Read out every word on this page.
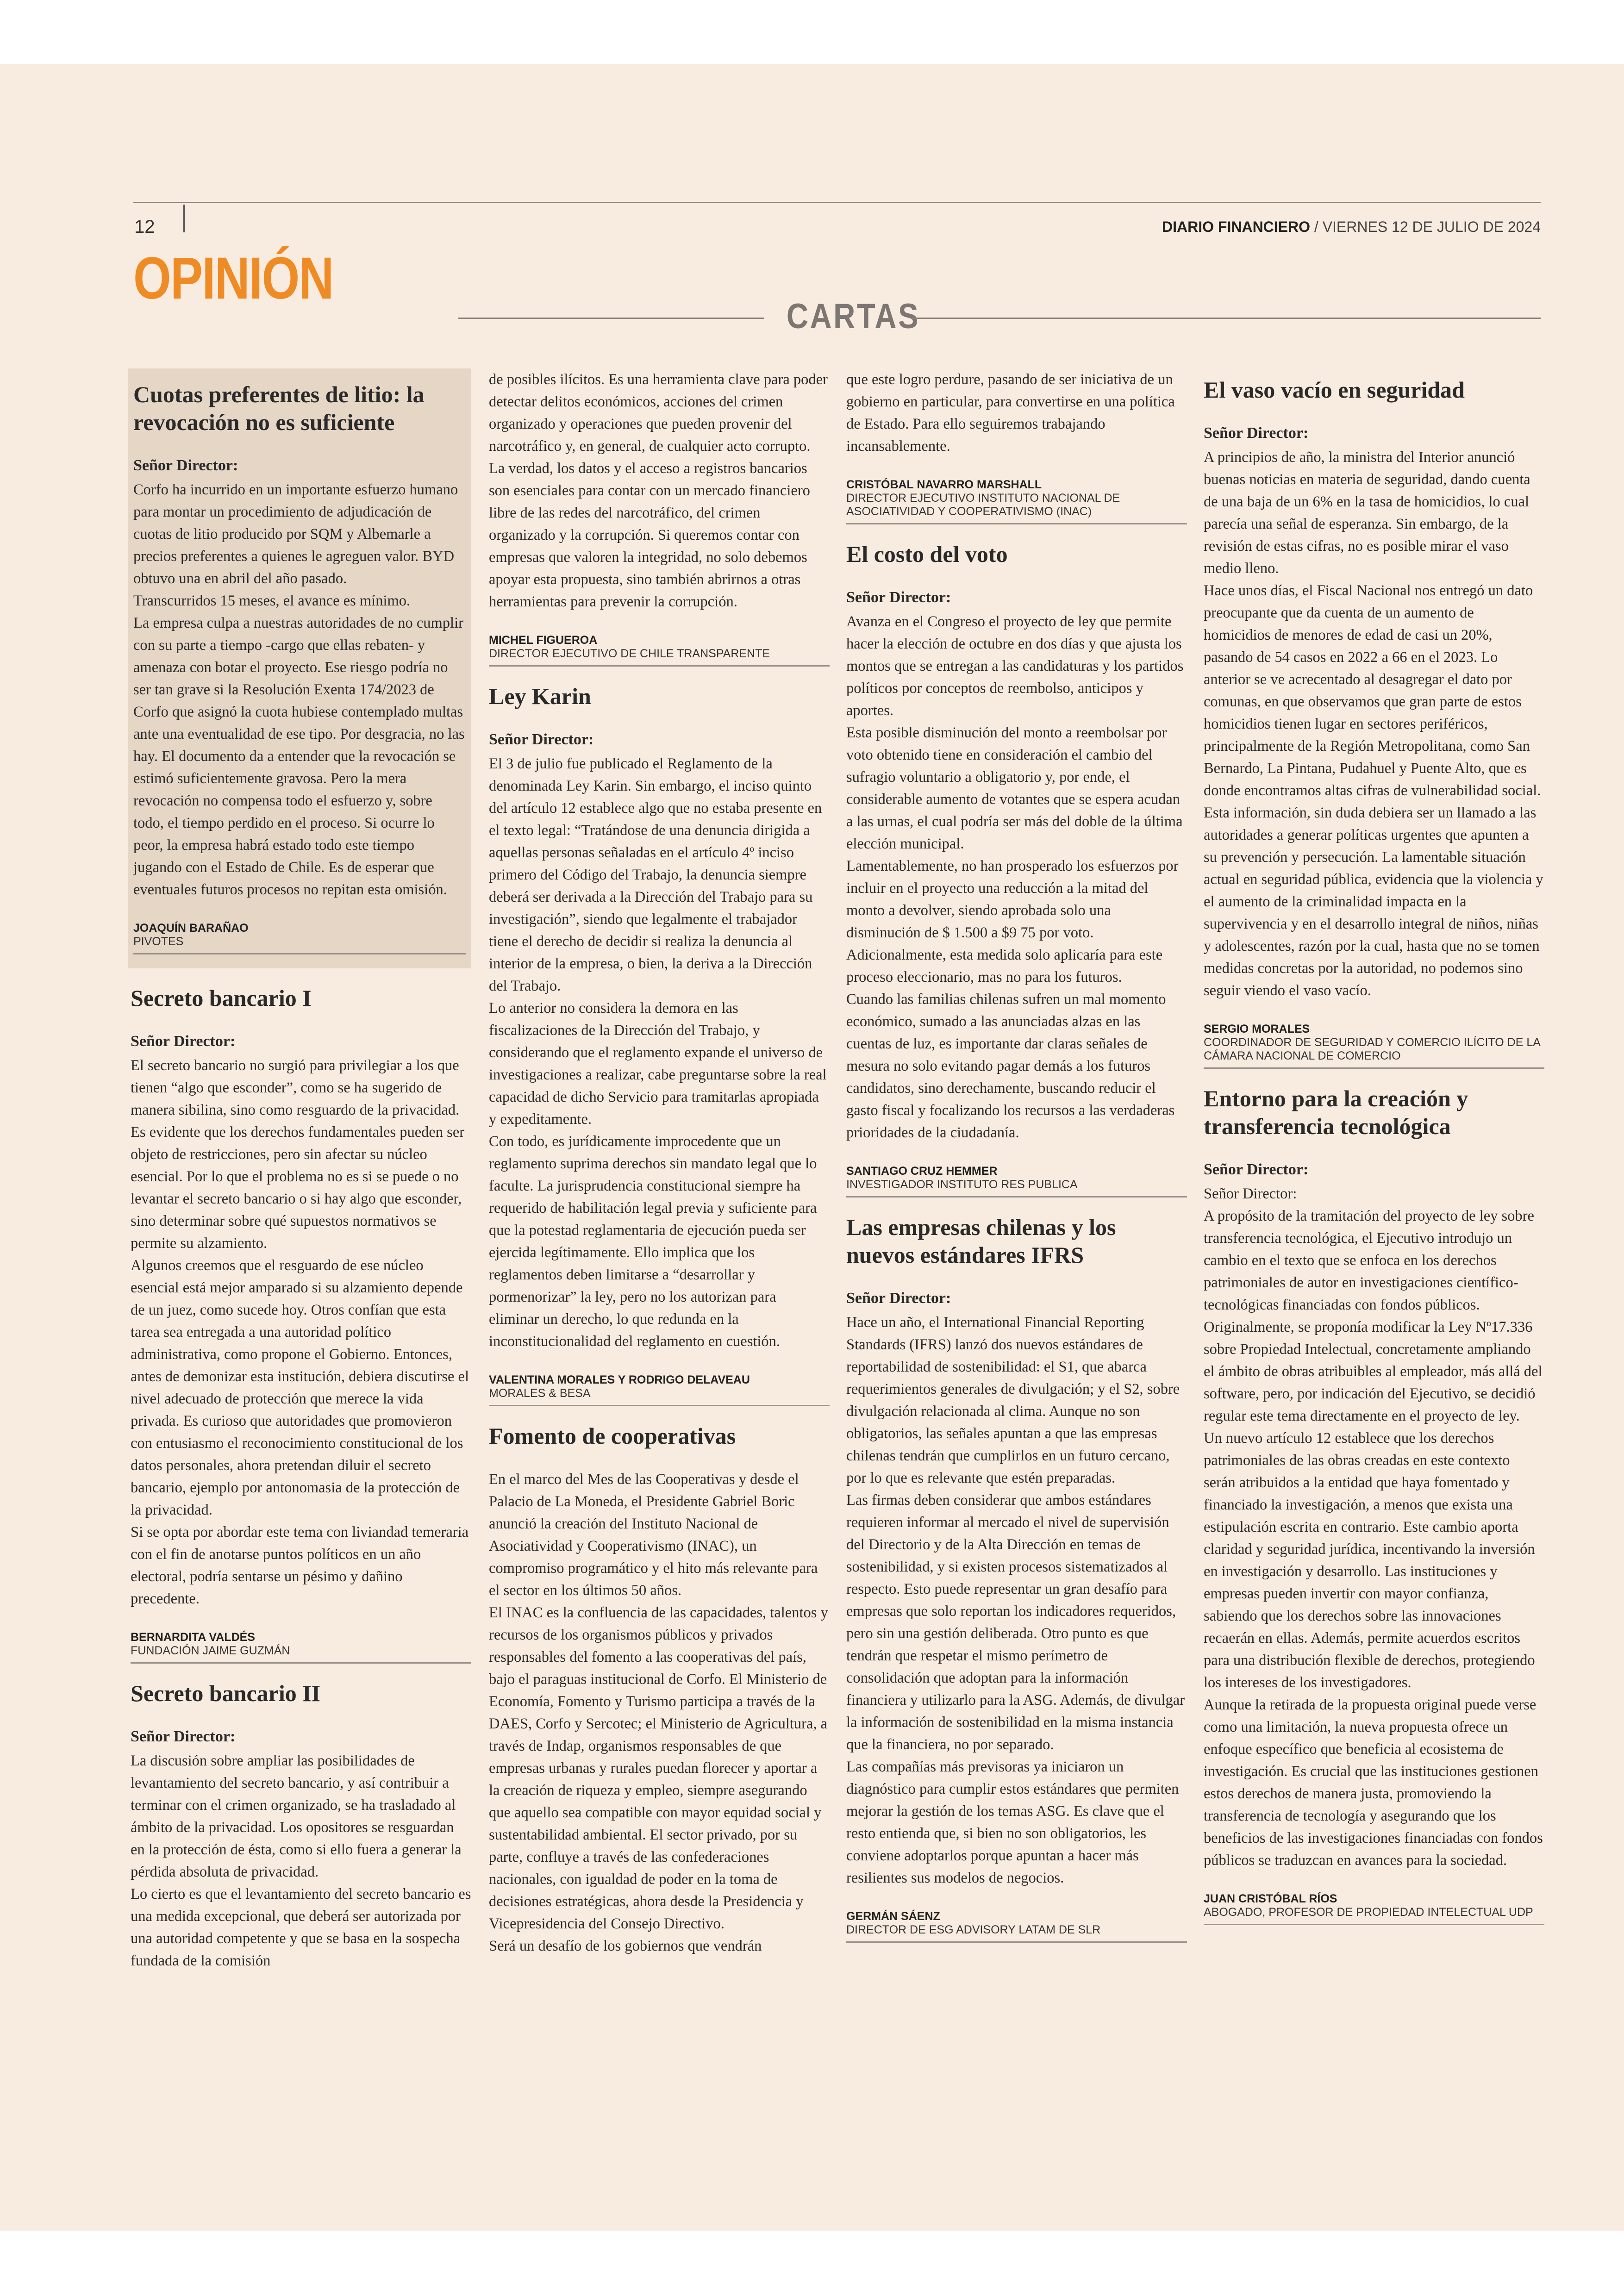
12	DIARIO FINANCIERO / VIERNES 12 DE JULIO DE 2024
OPINIÓN
CARTAS
Cuotas preferentes de litio: la revocación no es suficiente
Señor Director:

Corfo ha incurrido en un importante esfuerzo humano para montar un procedimiento de adjudicación de cuotas de litio producido por SQM y Albemarle a precios preferentes a quienes le agreguen valor. BYD obtuvo una en abril del año pasado.

Transcurridos 15 meses, el avance es mínimo.

La empresa culpa a nuestras autoridades de no cumplir con su parte a tiempo -cargo que ellas rebaten- y amenaza con botar el proyecto. Ese riesgo podría no ser tan grave si la Resolución Exenta 174/2023 de Corfo que asignó la cuota hubiese contemplado multas ante una eventualidad de ese tipo. Por desgracia, no las hay. El documento da a entender que la revocación se estimó suficientemente gravosa. Pero la mera revocación no compensa todo el esfuerzo y, sobre todo, el tiempo perdido en el proceso. Si ocurre lo peor, la empresa habrá estado todo este tiempo jugando con el Estado de Chile. Es de esperar que eventuales futuros procesos no repitan esta omisión.

JOAQUÍN BARAÑAO
PIVOTES
Secreto bancario I
Señor Director:

El secreto bancario no surgió para privilegiar a los que tienen “algo que esconder”, como se ha sugerido de manera sibilina, sino como resguardo de la privacidad. Es evidente que los derechos fundamentales pueden ser objeto de restricciones, pero sin afectar su núcleo esencial. Por lo que el problema no es si se puede o no levantar el secreto bancario o si hay algo que esconder, sino determinar sobre qué supuestos normativos se permite su alzamiento.

Algunos creemos que el resguardo de ese núcleo esencial está mejor amparado si su alzamiento depende de un juez, como sucede hoy. Otros confían que esta tarea sea entregada a una autoridad político administrativa, como propone el Gobierno. Entonces, antes de demonizar esta institución, debiera discutirse el nivel adecuado de protección que merece la vida privada. Es curioso que autoridades que promovieron con entusiasmo el reconocimiento constitucional de los datos personales, ahora pretendan diluir el secreto bancario, ejemplo por antonomasia de la protección de la privacidad.

Si se opta por abordar este tema con liviandad temeraria con el fin de anotarse puntos políticos en un año electoral, podría sentarse un pésimo y dañino precedente.

BERNARDITA VALDÉS
FUNDACIÓN JAIME GUZMÁN
Secreto bancario II
Señor Director:

La discusión sobre ampliar las posibilidades de levantamiento del secreto bancario, y así contribuir a terminar con el crimen organizado, se ha trasladado al ámbito de la privacidad. Los opositores se resguardan en la protección de ésta, como si ello fuera a generar la pérdida absoluta de privacidad.

Lo cierto es que el levantamiento del secreto bancario es una medida excepcional, que deberá ser autorizada por una autoridad competente y que se basa en la sospecha fundada de la comisión

de posibles ilícitos. Es una herramienta clave para poder detectar delitos económicos, acciones del crimen organizado y operaciones que pueden provenir del narcotráfico y, en general, de cualquier acto corrupto.

La verdad, los datos y el acceso a registros bancarios son esenciales para contar con un mercado financiero libre de las redes del narcotráfico, del crimen organizado y la corrupción. Si queremos contar con empresas que valoren la integridad, no solo debemos apoyar esta propuesta, sino también abrirnos a otras herramientas para prevenir la corrupción.

MICHEL FIGUEROA
DIRECTOR EJECUTIVO DE CHILE TRANSPARENTE
Ley Karin
Señor Director:

El 3 de julio fue publicado el Reglamento de la denominada Ley Karin. Sin embargo, el inciso quinto del artículo 12 establece algo que no estaba presente en el texto legal: “Tratándose de una denuncia dirigida a aquellas personas señaladas en el artículo 4º inciso primero del Código del Trabajo, la denuncia siempre deberá ser derivada a la Dirección del Trabajo para su investigación”, siendo que legalmente el trabajador tiene el derecho de decidir si realiza la denuncia al interior de la empresa, o bien, la deriva a la Dirección del Trabajo.

Lo anterior no considera la demora en las fiscalizaciones de la Dirección del Trabajo, y considerando que el reglamento expande el universo de investigaciones a realizar, cabe preguntarse sobre la real capacidad de dicho Servicio para tramitarlas apropiada y expeditamente.

Con todo, es jurídicamente improcedente que un reglamento suprima derechos sin mandato legal que lo faculte. La jurisprudencia constitucional siempre ha requerido de habilitación legal previa y suficiente para que la potestad reglamentaria de ejecución pueda ser ejercida legítimamente. Ello implica que los reglamentos deben limitarse a “desarrollar y pormenorizar” la ley, pero no los autorizan para eliminar un derecho, lo que redunda en la inconstitucionalidad del reglamento en cuestión.

VALENTINA MORALES Y RODRIGO DELAVEAU
MORALES & BESA
Fomento de cooperativas

En el marco del Mes de las Cooperativas y desde el Palacio de La Moneda, el Presidente Gabriel Boric anunció la creación del Instituto Nacional de Asociatividad y Cooperativismo (INAC), un compromiso programático y el hito más relevante para el sector en los últimos 50 años.

El INAC es la confluencia de las capacidades, talentos y recursos de los organismos públicos y privados responsables del fomento a las cooperativas del país, bajo el paraguas institucional de Corfo. El Ministerio de Economía, Fomento y Turismo participa a través de la DAES, Corfo y Sercotec; el Ministerio de Agricultura, a través de Indap, organismos responsables de que empresas urbanas y rurales puedan florecer y aportar a la creación de riqueza y empleo, siempre asegurando que aquello sea compatible con mayor equidad social y sustentabilidad ambiental. El sector privado, por su parte, confluye a través de las confederaciones nacionales, con igualdad de poder en la toma de decisiones estratégicas, ahora desde la Presidencia y Vicepresidencia del Consejo Directivo.

Será un desafío de los gobiernos que vendrán

que este logro perdure, pasando de ser iniciativa de un gobierno en particular, para convertirse en una política de Estado. Para ello seguiremos trabajando incansablemente.

CRISTÓBAL NAVARRO MARSHALL
DIRECTOR EJECUTIVO INSTITUTO NACIONAL DE ASOCIATIVIDAD Y COOPERATIVISMO (INAC)
El costo del voto
Señor Director:

Avanza en el Congreso el proyecto de ley que permite hacer la elección de octubre en dos días y que ajusta los montos que se entregan a las candidaturas y los partidos políticos por conceptos de reembolso, anticipos y aportes.

Esta posible disminución del monto a reembolsar por voto obtenido tiene en consideración el cambio del sufragio voluntario a obligatorio y, por ende, el considerable aumento de votantes que se espera acudan a las urnas, el cual podría ser más del doble de la última elección municipal.

Lamentablemente, no han prosperado los esfuerzos por incluir en el proyecto una reducción a la mitad del monto a devolver, siendo aprobada solo una disminución de $ 1.500 a $9 75 por voto. Adicionalmente, esta medida solo aplicaría para este proceso eleccionario, mas no para los futuros.

Cuando las familias chilenas sufren un mal momento económico, sumado a las anunciadas alzas en las cuentas de luz, es importante dar claras señales de mesura no solo evitando pagar demás a los futuros candidatos, sino derechamente, buscando reducir el gasto fiscal y focalizando los recursos a las verdaderas prioridades de la ciudadanía.

SANTIAGO CRUZ HEMMER
INVESTIGADOR INSTITUTO RES PUBLICA
Las empresas chilenas y los nuevos estándares IFRS
Señor Director:

Hace un año, el International Financial Reporting Standards (IFRS) lanzó dos nuevos estándares de reportabilidad de sostenibilidad: el S1, que abarca requerimientos generales de divulgación; y el S2, sobre divulgación relacionada al clima. Aunque no son obligatorios, las señales apuntan a que las empresas chilenas tendrán que cumplirlos en un futuro cercano, por lo que es relevante que estén preparadas.

Las firmas deben considerar que ambos estándares requieren informar al mercado el nivel de supervisión del Directorio y de la Alta Dirección en temas de sostenibilidad, y si existen procesos sistematizados al respecto. Esto puede representar un gran desafío para empresas que solo reportan los indicadores requeridos, pero sin una gestión deliberada. Otro punto es que tendrán que respetar el mismo perímetro de consolidación que adoptan para la información financiera y utilizarlo para la ASG. Además, de divulgar la información de sostenibilidad en la misma instancia que la financiera, no por separado.

Las compañías más previsoras ya iniciaron un diagnóstico para cumplir estos estándares que permiten mejorar la gestión de los temas ASG. Es clave que el resto entienda que, si bien no son obligatorios, les conviene adoptarlos porque apuntan a hacer más resilientes sus modelos de negocios.

GERMÁN SÁENZ
DIRECTOR DE ESG ADVISORY LATAM DE SLR
El vaso vacío en seguridad
Señor Director:

A principios de año, la ministra del Interior anunció buenas noticias en materia de seguridad, dando cuenta de una baja de un 6% en la tasa de homicidios, lo cual parecía una señal de esperanza. Sin embargo, de la revisión de estas cifras, no es posible mirar el vaso medio lleno.

Hace unos días, el Fiscal Nacional nos entregó un dato preocupante que da cuenta de un aumento de homicidios de menores de edad de casi un 20%, pasando de 54 casos en 2022 a 66 en el 2023. Lo anterior se ve acrecentado al desagregar el dato por comunas, en que observamos que gran parte de estos homicidios tienen lugar en sectores periféricos, principalmente de la Región Metropolitana, como San Bernardo, La Pintana, Pudahuel y Puente Alto, que es donde encontramos altas cifras de vulnerabilidad social.

Esta información, sin duda debiera ser un llamado a las autoridades a generar políticas urgentes que apunten a su prevención y persecución. La lamentable situación actual en seguridad pública, evidencia que la violencia y el aumento de la criminalidad impacta en la supervivencia y en el desarrollo integral de niños, niñas y adolescentes, razón por la cual, hasta que no se tomen medidas concretas por la autoridad, no podemos sino seguir viendo el vaso vacío.

SERGIO MORALES
COORDINADOR DE SEGURIDAD Y COMERCIO ILÍCITO DE LA CÁMARA NACIONAL DE COMERCIO
Entorno para la creación y transferencia tecnológica
Señor Director:

Señor Director:

A propósito de la tramitación del proyecto de ley sobre transferencia tecnológica, el Ejecutivo introdujo un cambio en el texto que se enfoca en los derechos patrimoniales de autor en investigaciones científico-tecnológicas financiadas con fondos públicos. Originalmente, se proponía modificar la Ley Nº17.336 sobre Propiedad Intelectual, concretamente ampliando el ámbito de obras atribuibles al empleador, más allá del software, pero, por indicación del Ejecutivo, se decidió regular este tema directamente en el proyecto de ley.

Un nuevo artículo 12 establece que los derechos patrimoniales de las obras creadas en este contexto serán atribuidos a la entidad que haya fomentado y financiado la investigación, a menos que exista una estipulación escrita en contrario. Este cambio aporta claridad y seguridad jurídica, incentivando la inversión en investigación y desarrollo. Las instituciones y empresas pueden invertir con mayor confianza, sabiendo que los derechos sobre las innovaciones recaerán en ellas. Además, permite acuerdos escritos para una distribución flexible de derechos, protegiendo los intereses de los investigadores.

Aunque la retirada de la propuesta original puede verse como una limitación, la nueva propuesta ofrece un enfoque específico que beneficia al ecosistema de investigación. Es crucial que las instituciones gestionen estos derechos de manera justa, promoviendo la transferencia de tecnología y asegurando que los beneficios de las investigaciones financiadas con fondos públicos se traduzcan en avances para la sociedad.

JUAN CRISTÓBAL RÍOS
ABOGADO, PROFESOR DE PROPIEDAD INTELECTUAL UDP
